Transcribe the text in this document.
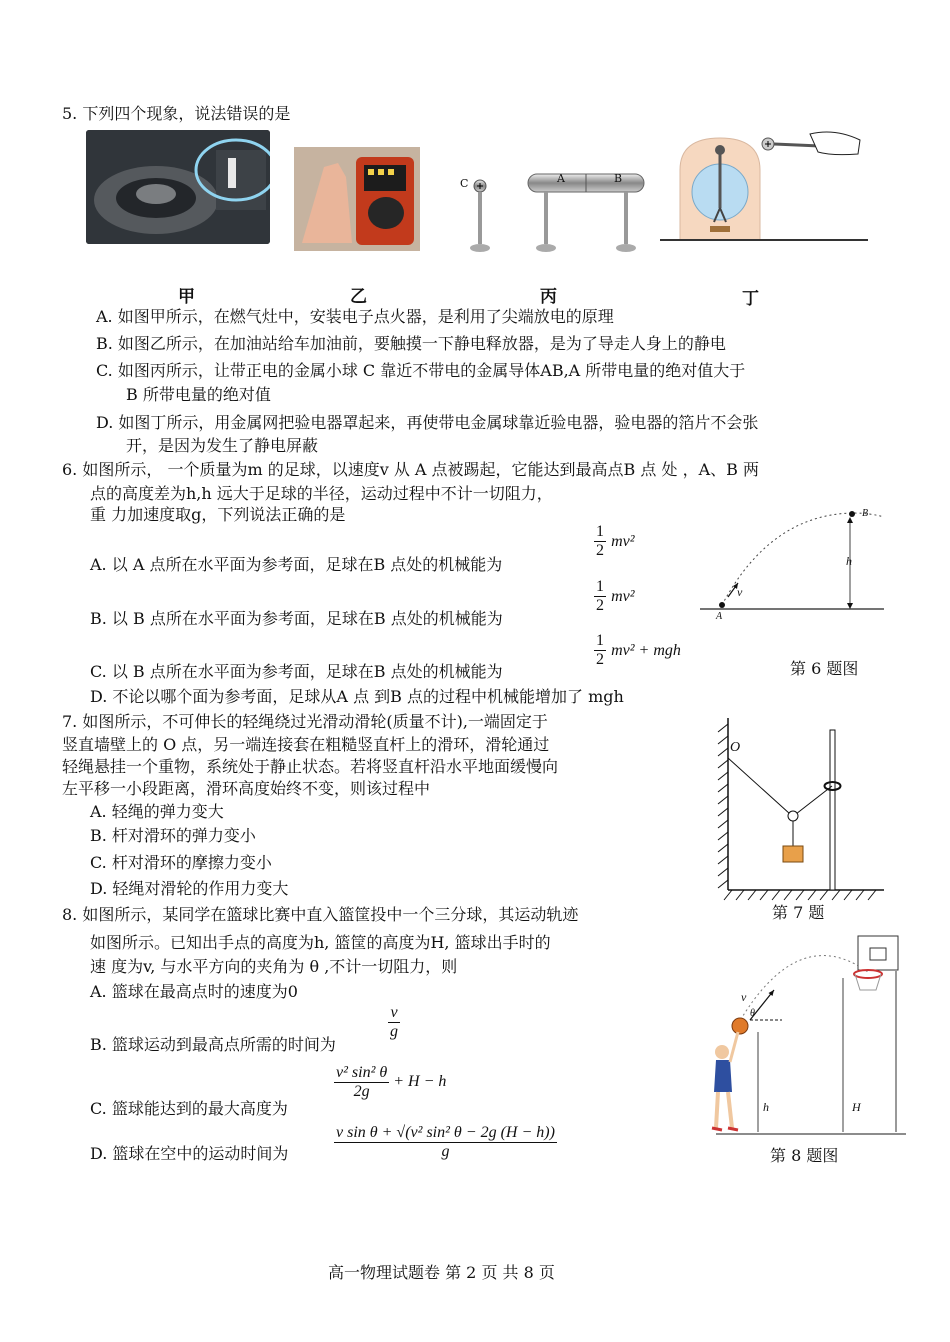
5. 下列四个现象，说法错误的是
C	A	B
甲	乙	丙	丁
A. 如图甲所示，在燃气灶中，安装电子点火器，是利用了尖端放电的原理
B. 如图乙所示，在加油站给车加油前，要触摸一下静电释放器，是为了导走人身上的静电
C. 如图丙所示，让带正电的金属小球 C 靠近不带电的金属导体AB,A 所带电量的绝对值大于
B 所带电量的绝对值
D. 如图丁所示，用金属网把验电器罩起来，再使带电金属球靠近验电器，验电器的箔片不会张
开，是因为发生了静电屏蔽
6. 如图所示， 一个质量为m 的足球，以速度v 从 A 点被踢起，它能达到最高点B 点 处 ，A、B 两
点的高度差为h,h 远大于足球的半径，运动过程中不计一切阻力，
重 力加速度取g，下列说法正确的是
A. 以 A 点所在水平面为参考面，足球在B 点处的机械能为
$\frac{1}{2} mv^2$
B. 以 B 点所在水平面为参考面，足球在B 点处的机械能为
$\frac{1}{2} mv^2$
C. 以 B 点所在水平面为参考面，足球在B 点处的机械能为
$\frac{1}{2} mv^2$ + mgh
D. 不论以哪个面为参考面，足球从A 点 到B 点的过程中机械能增加了 mgh
A
B
v
h
第 6 题图
7. 如图所示，不可伸长的轻绳绕过光滑动滑轮(质量不计),一端固定于
竖直墙壁上的 O 点，另一端连接套在粗糙竖直杆上的滑环，滑轮通过
轻绳悬挂一个重物，系统处于静止状态。若将竖直杆沿水平地面缓慢向
左平移一小段距离，滑环高度始终不变，则该过程中
A. 轻绳的弹力变大
B. 杆对滑环的弹力变小
C. 杆对滑环的摩擦力变小
D. 轻绳对滑轮的作用力变大
O
第 7 题
8. 如图所示，某同学在篮球比赛中直入篮筐投中一个三分球，其运动轨迹
如图所示。已知出手点的高度为h, 篮筐的高度为H, 篮球出手时的
速 度为v, 与水平方向的夹角为 θ ,不计一切阻力，则
A. 篮球在最高点时的速度为0
B. 篮球运动到最高点所需的时间为
$\frac{v}{g}$
C. 篮球能达到的最大高度为
$\frac{\text{v² sin² θ}}{2g} + H - h$
D. 篮球在空中的运动时间为	$\frac{\text{v sin θ + √(v² sin² θ − 2g (H − h))}}{g}$
v
θ
h	H
第 8 题图
高一物理试题卷 第 2 页 共 8 页
